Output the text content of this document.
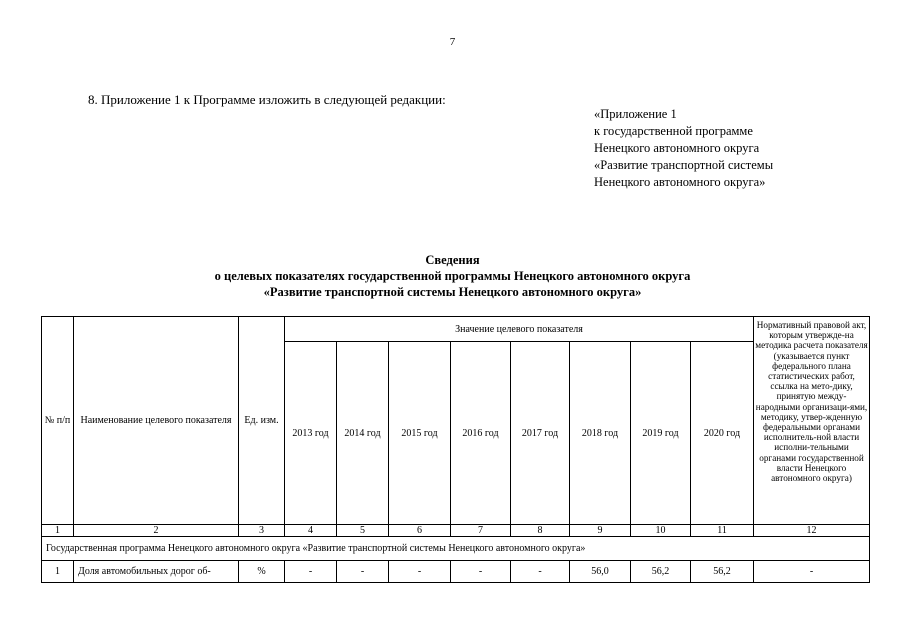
7
8. Приложение 1 к Программе изложить в следующей редакции:
«Приложение 1
к государственной программе
Ненецкого автономного округа
«Развитие транспортной системы
Ненецкого автономного округа»
Сведения
о целевых показателях государственной программы Ненецкого автономного округа
«Развитие транспортной системы Ненецкого автономного округа»
№ п/п	Наименование целевого показателя	Ед. изм.	Значение целевого показателя								Нормативный правовой акт, которым утвержде-на методика расчета показателя (указывается пункт федерального плана статистических работ, ссылка на мето-дику, принятую между-народными организаци-ями, методику, утвер-жденную федеральными органами исполнитель-ной власти исполни-тельными органами государственной власти Ненецкого автономного округа)
			2013 год	2014 год	2015 год	2016 год	2017 год	2018 год	2019 год	2020 год	
1	2	3	4	5	6	7	8	9	10	11	12
Государственная программа Ненецкого автономного округа «Развитие транспортной системы Ненецкого автономного округа»											
1	Доля автомобильных дорог об-	%	-	-	-	-	-	56,0	56,2	56,2	-
